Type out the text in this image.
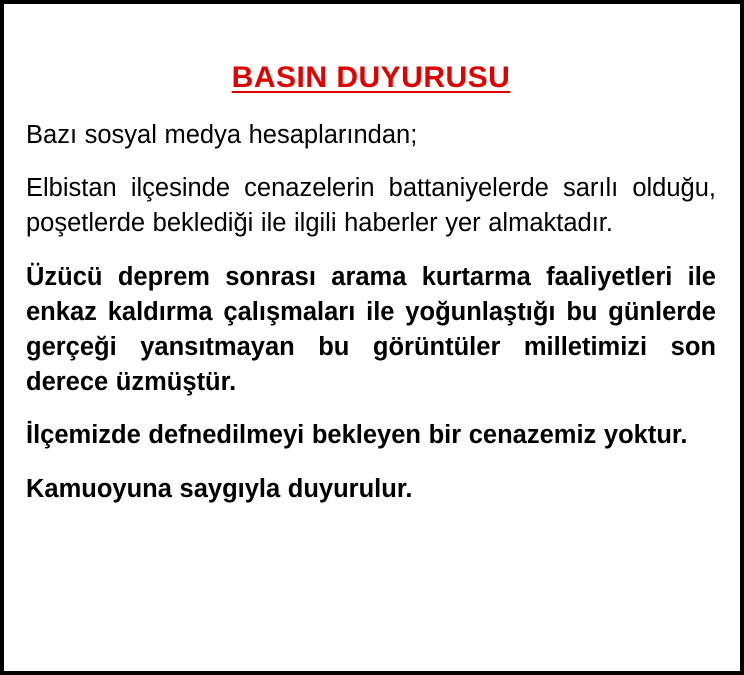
BASIN DUYURUSU

Bazı sosyal medya hesaplarından;

Elbistan ilçesinde cenazelerin battaniyelerde sarılı olduğu, poşetlerde beklediği ile ilgili haberler yer almaktadır.

Üzücü deprem sonrası arama kurtarma faaliyetleri ile enkaz kaldırma çalışmaları ile yoğunlaştığı bu günlerde gerçeği yansıtmayan bu görüntüler milletimizi son derece üzmüştür.

İlçemizde defnedilmeyi bekleyen bir cenazemiz yoktur.

Kamuoyuna saygıyla duyurulur.
